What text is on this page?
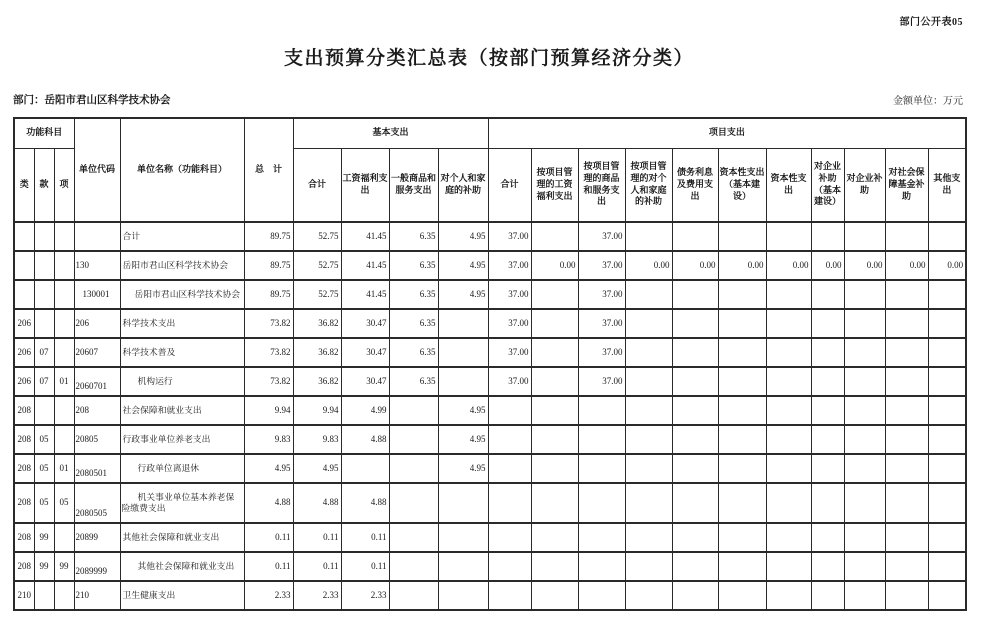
部门公开表05
支出预算分类汇总表（按部门预算经济分类）
部门：岳阳市君山区科学技术协会	金额单位：万元
功能科目			单位代码	单位名称（功能科目）	总　计	基本支出				项目支出										
类	款	项				合计	工资福利支出	一般商品和服务支出	对个人和家庭的补助	合计	按项目管理的工资福利支出	按项目管理的商品和服务支出	按项目管理的对个人和家庭的补助	债务利息及费用支出	资本性支出（基本建设）	资本性支出	对企业补助（基本建设）	对企业补助	对社会保障基金补助	其他支出
				合计	89.75	52.75	41.45	6.35	4.95	37.00		37.00								
			130	岳阳市君山区科学技术协会	89.75	52.75	41.45	6.35	4.95	37.00	0.00	37.00	0.00	0.00	0.00	0.00	0.00	0.00	0.00	0.00
			130001	岳阳市君山区科学技术协会	89.75	52.75	41.45	6.35	4.95	37.00		37.00								
206			206	科学技术支出	73.82	36.82	30.47	6.35		37.00		37.00								
206	07		20607	科学技术普及	73.82	36.82	30.47	6.35		37.00		37.00								
206	07	01	2060701	机构运行	73.82	36.82	30.47	6.35		37.00		37.00								
208			208	社会保障和就业支出	9.94	9.94	4.99		4.95											
208	05		20805	行政事业单位养老支出	9.83	9.83	4.88		4.95											
208	05	01	2080501	行政单位离退休	4.95	4.95			4.95											
208	05	05	2080505	机关事业单位基本养老保险缴费支出	4.88	4.88	4.88													
208	99		20899	其他社会保障和就业支出	0.11	0.11	0.11													
208	99	99	2089999	其他社会保障和就业支出	0.11	0.11	0.11													
210			210	卫生健康支出	2.33	2.33	2.33													
